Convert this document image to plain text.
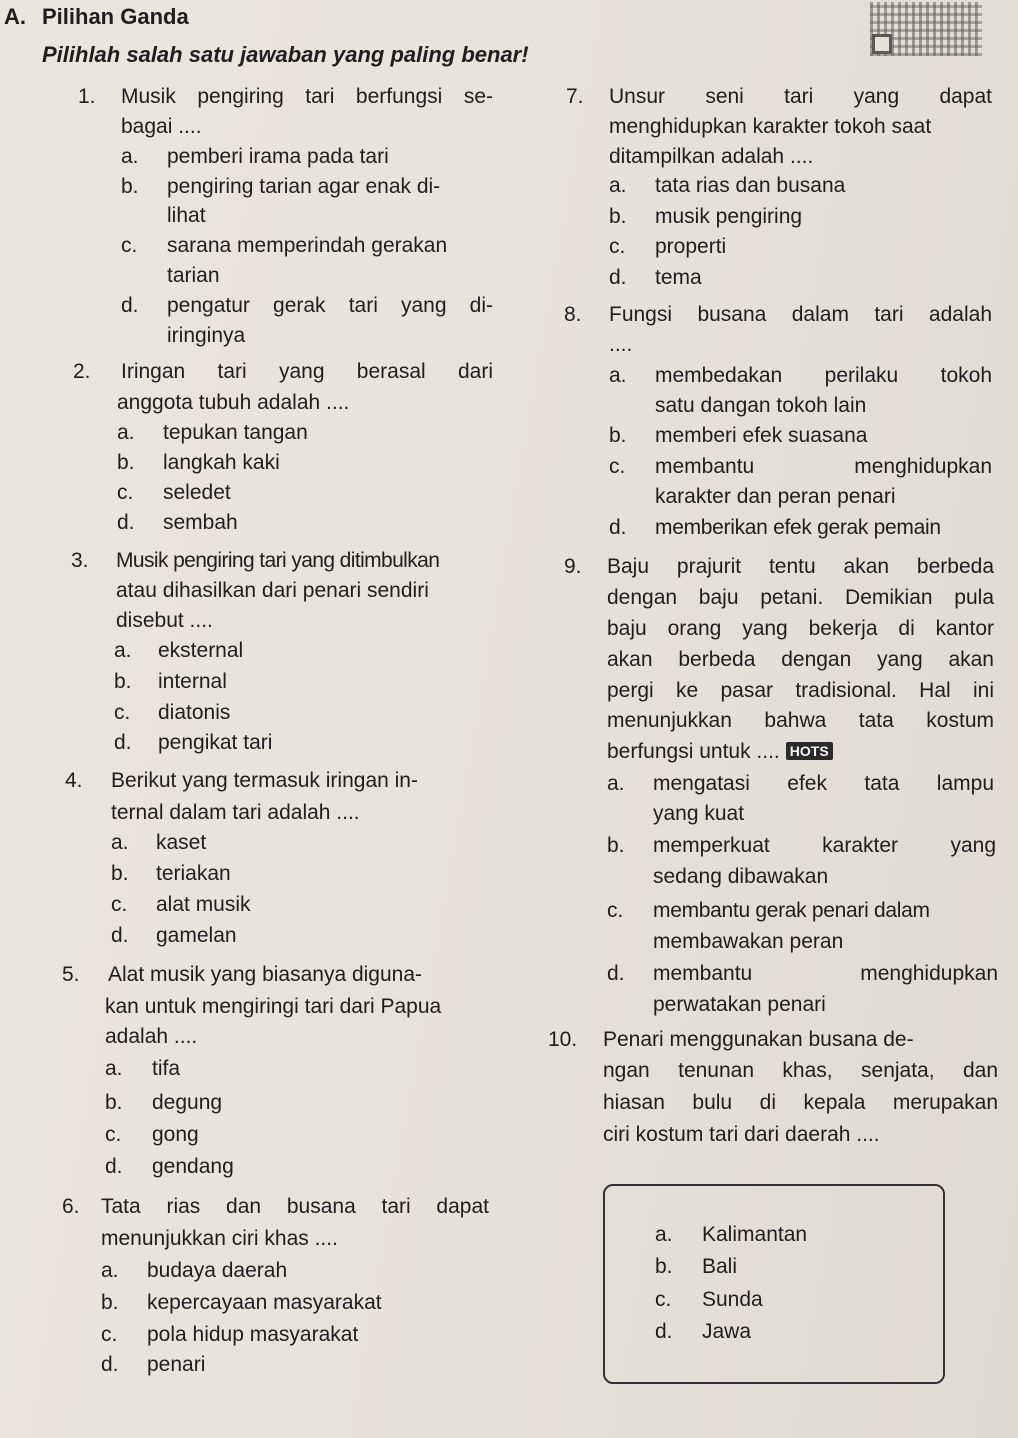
A. Pilihan Ganda
Pilihlah salah satu jawaban yang paling benar!
1. Musik pengiring tari berfungsi se-
bagai ....
a. pemberi irama pada tari
b. pengiring tarian agar enak di-
lihat
c. sarana memperindah gerakan
tarian
d. pengatur gerak tari yang di-
iringinya
2. Iringan tari yang berasal dari
anggota tubuh adalah ....
a. tepukan tangan
b. langkah kaki
c. seledet
d. sembah
3. Musik pengiring tari yang ditimbulkan
atau dihasilkan dari penari sendiri
disebut ....
a. eksternal
b. internal
c. diatonis
d. pengikat tari
4. Berikut yang termasuk iringan in-
ternal dalam tari adalah ....
a. kaset
b. teriakan
c. alat musik
d. gamelan
5. Alat musik yang biasanya diguna-
kan untuk mengiringi tari dari Papua
adalah ....
a. tifa
b. degung
c. gong
d. gendang
6. Tata rias dan busana tari dapat
menunjukkan ciri khas ....
a. budaya daerah
b. kepercayaan masyarakat
c. pola hidup masyarakat
d. penari
7. Unsur seni tari yang dapat
menghidupkan karakter tokoh saat
ditampilkan adalah ....
a. tata rias dan busana
b. musik pengiring
c. properti
d. tema
8. Fungsi busana dalam tari adalah
....
a. membedakan perilaku tokoh
satu dangan tokoh lain
b. memberi efek suasana
c. membantu menghidupkan
karakter dan peran penari
d. memberikan efek gerak pemain
9. Baju prajurit tentu akan berbeda
dengan baju petani. Demikian pula
baju orang yang bekerja di kantor
akan berbeda dengan yang akan
pergi ke pasar tradisional. Hal ini
menunjukkan bahwa tata kostum
berfungsi untuk .... HOTS
a. mengatasi efek tata lampu
yang kuat
b. memperkuat karakter yang
sedang dibawakan
c. membantu gerak penari dalam
membawakan peran
d. membantu menghidupkan
perwatakan penari
10. Penari menggunakan busana de-
ngan tenunan khas, senjata, dan
hiasan bulu di kepala merupakan
ciri kostum tari dari daerah ....
a. Kalimantan
b. Bali
c. Sunda
d. Jawa
